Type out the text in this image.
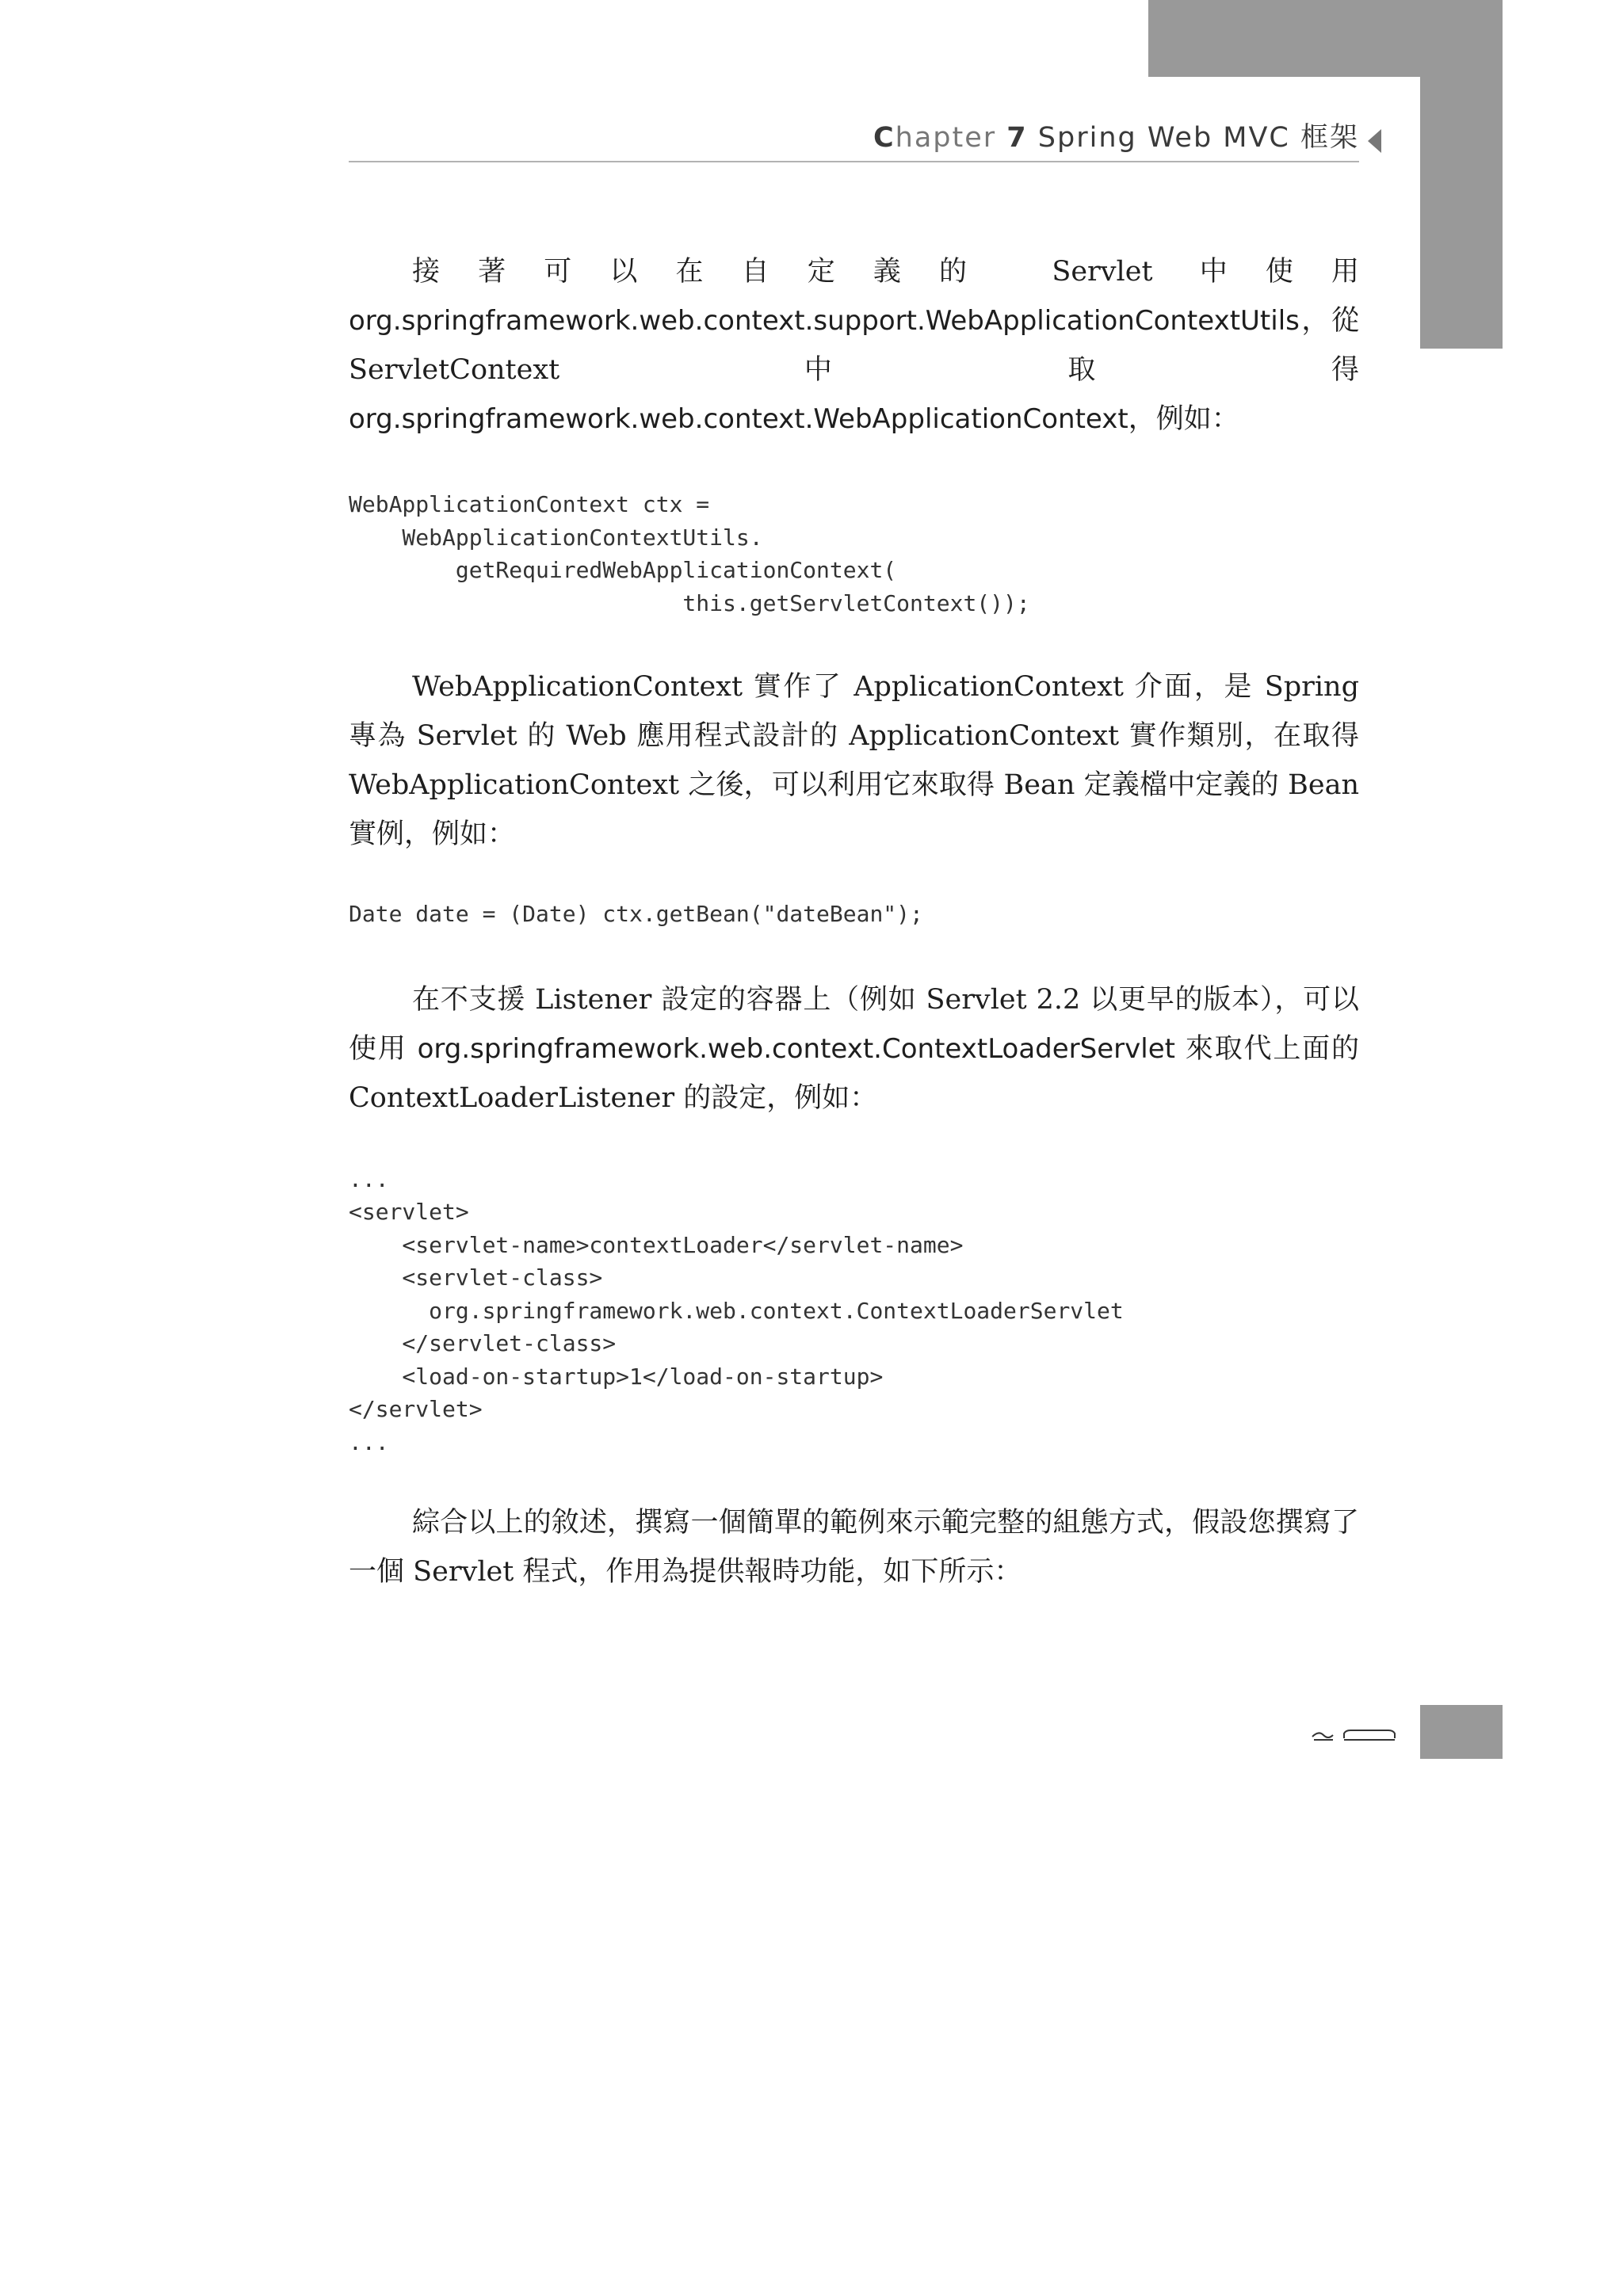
Chapter 7 Spring Web MVC 框架

接著可以在自定義的 Servlet 中使用 org.springframework.web.context.support.WebApplicationContextUtils，從 ServletContext 中取得 org.springframework.web.context.WebApplicationContext，例如：

WebApplicationContext ctx =
WebApplicationContextUtils.
getRequiredWebApplicationContext(
this.getServletContext());

WebApplicationContext 實作了 ApplicationContext 介面，是 Spring 專為 Servlet 的 Web 應用程式設計的 ApplicationContext 實作類別，在取得 WebApplicationContext 之後，可以利用它來取得 Bean 定義檔中定義的 Bean 實例，例如：

Date date = (Date) ctx.getBean("dateBean");

在不支援 Listener 設定的容器上（例如 Servlet 2.2 以更早的版本），可以使用 org.springframework.web.context.ContextLoaderServlet 來取代上面的 ContextLoaderListener 的設定，例如：

...
<servlet>
<servlet-name>contextLoader</servlet-name>
<servlet-class>
org.springframework.web.context.ContextLoaderServlet
</servlet-class>
<load-on-startup>1</load-on-startup>
</servlet>
...

綜合以上的敘述，撰寫一個簡單的範例來示範完整的組態方式，假設您撰寫了一個 Servlet 程式，作用為提供報時功能，如下所示：
